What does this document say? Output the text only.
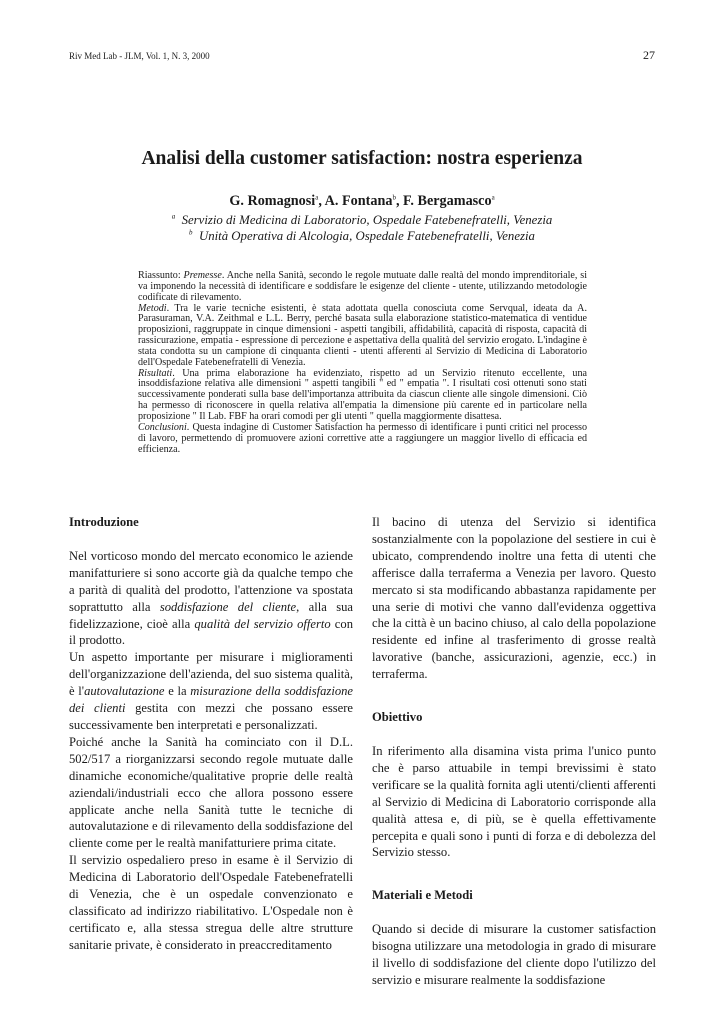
Riv Med Lab - JLM, Vol. 1, N. 3, 2000	27
Analisi della customer satisfaction: nostra esperienza

G. Romagnosi$^a$, A. Fontana$^b$, F. Bergamasco$^a$

$^a$ Servizio di Medicina di Laboratorio, Ospedale Fatebenefratelli, Venezia

$^b$ Unità Operativa di Alcologia, Ospedale Fatebenefratelli, Venezia

Riassunto: Premesse. Anche nella Sanità, secondo le regole mutuate dalle realtà del mondo imprenditoriale, si va imponendo la necessità di identificare e soddisfare le esigenze del cliente - utente, utilizzando metodologie codificate di rilevamento.

Metodi. Tra le varie tecniche esistenti, è stata adottata quella conosciuta come Servqual, ideata da A. Parasuraman, V.A. Zeithmal e L.L. Berry, perché basata sulla elaborazione statistico-matematica di ventidue proposizioni, raggruppate in cinque dimensioni - aspetti tangibili, affidabilità, capacità di risposta, capacità di rassicurazione, empatia - espressione di percezione e aspettativa della qualità del servizio erogato. L'indagine è stata condotta su un campione di cinquanta clienti - utenti afferenti al Servizio di Medicina di Laboratorio dell'Ospedale Fatebenefratelli di Venezia.

Risultati. Una prima elaborazione ha evidenziato, rispetto ad un Servizio ritenuto eccellente, una insoddisfazione relativa alle dimensioni " aspetti tangibili " ed " empatia ". I risultati così ottenuti sono stati successivamente ponderati sulla base dell'importanza attribuita da ciascun cliente alle singole dimensioni. Ciò ha permesso di riconoscere in quella relativa all'empatia la dimensione più carente ed in particolare nella proposizione " Il Lab. FBF ha orari comodi per gli utenti " quella maggiormente disattesa.

Conclusioni. Questa indagine di Customer Satisfaction ha permesso di identificare i punti critici nel processo di lavoro, permettendo di promuovere azioni correttive atte a raggiungere un maggior livello di efficacia ed efficienza.

Introduzione

Nel vorticoso mondo del mercato economico le aziende manifatturiere si sono accorte già da qualche tempo che a parità di qualità del prodotto, l'attenzione va spostata soprattutto alla soddisfazione del cliente, alla sua fidelizzazione, cioè alla qualità del servizio offerto con il prodotto.

Un aspetto importante per misurare i miglioramenti dell'organizzazione dell'azienda, del suo sistema qualità, è l'autovalutazione e la misurazione della soddisfazione dei clienti gestita con mezzi che possano essere successivamente ben interpretati e personalizzati.

Poiché anche la Sanità ha cominciato con il D.L. 502/517 a riorganizzarsi secondo regole mutuate dalle dinamiche economiche/qualitative proprie delle realtà aziendali/industriali ecco che allora possono essere applicate anche nella Sanità tutte le tecniche di autovalutazione e di rilevamento della soddisfazione del cliente come per le realtà manifatturiere prima citate.

Il servizio ospedaliero preso in esame è il Servizio di Medicina di Laboratorio dell'Ospedale Fatebenefratelli di Venezia, che è un ospedale convenzionato e classificato ad indirizzo riabilitativo. L'Ospedale non è certificato e, alla stessa stregua delle altre strutture sanitarie private, è considerato in preaccreditamento

Il bacino di utenza del Servizio si identifica sostanzialmente con la popolazione del sestiere in cui è ubicato, comprendendo inoltre una fetta di utenti che afferisce dalla terraferma a Venezia per lavoro. Questo mercato si sta modificando abbastanza rapidamente per una serie di motivi che vanno dall'evidenza oggettiva che la città è un bacino chiuso, al calo della popolazione residente ed infine al trasferimento di grosse realtà lavorative (banche, assicurazioni, agenzie, ecc.) in terraferma.

Obiettivo

In riferimento alla disamina vista prima l'unico punto che è parso attuabile in tempi brevissimi è stato verificare se la qualità fornita agli utenti/clienti afferenti al Servizio di Medicina di Laboratorio corrisponde alla qualità attesa e, di più, se è quella effettivamente percepita e quali sono i punti di forza e di debolezza del Servizio stesso.

Materiali e Metodi

Quando si decide di misurare la customer satisfaction bisogna utilizzare una metodologia in grado di misurare il livello di soddisfazione del cliente dopo l'utilizzo del servizio e misurare realmente la soddisfazione
